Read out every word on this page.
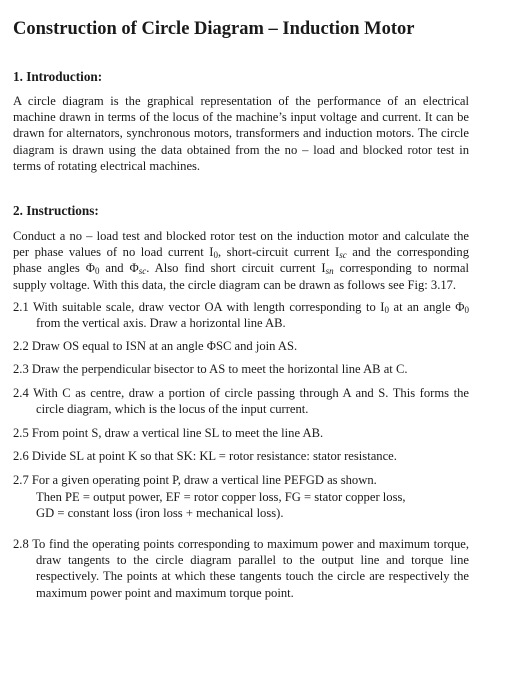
Construction of Circle Diagram – Induction Motor
1. Introduction:

A circle diagram is the graphical representation of the performance of an electrical machine drawn in terms of the locus of the machine’s input voltage and current. It can be drawn for alternators, synchronous motors, transformers and induction motors. The circle diagram is drawn using the data obtained from the no – load and blocked rotor test in terms of rotating electrical machines.

2. Instructions:

Conduct a no – load test and blocked rotor test on the induction motor and calculate the per phase values of no load current $I_0$, short-circuit current $I_{sc}$ and the corresponding phase angles $\Phi_0$ and $\Phi_{sc}$. Also find short circuit current $I_{sn}$ corresponding to normal supply voltage. With this data, the circle diagram can be drawn as follows see Fig: 3.17.

2.1 With suitable scale, draw vector OA with length corresponding to $I_0$ at an angle $\Phi_0$ from the vertical axis. Draw a horizontal line AB.

2.2 Draw OS equal to ISN at an angle ΦSC and join AS.

2.3 Draw the perpendicular bisector to AS to meet the horizontal line AB at C.

2.4 With C as centre, draw a portion of circle passing through A and S. This forms the circle diagram, which is the locus of the input current.

2.5 From point S, draw a vertical line SL to meet the line AB.

2.6 Divide SL at point K so that SK: KL = rotor resistance: stator resistance.

2.7 For a given operating point P, draw a vertical line PEFGD as shown.
Then PE = output power, EF = rotor copper loss, FG = stator copper loss,
GD = constant loss (iron loss + mechanical loss).

2.8 To find the operating points corresponding to maximum power and maximum torque, draw tangents to the circle diagram parallel to the output line and torque line respectively. The points at which these tangents touch the circle are respectively the maximum power point and maximum torque point.
